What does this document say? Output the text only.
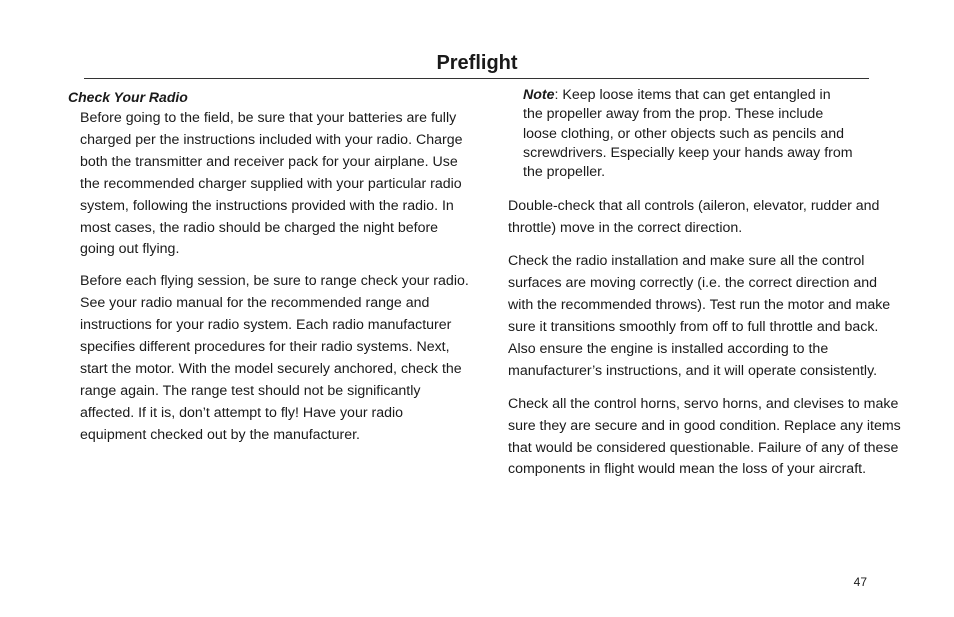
Preflight

Check Your Radio

Before going to the field, be sure that your batteries are fully charged per the instructions included with your radio. Charge both the transmitter and receiver pack for your airplane. Use the recommended charger supplied with your particular radio system, following the instructions provided with the radio. In most cases, the radio should be charged the night before going out flying.

Before each flying session, be sure to range check your radio. See your radio manual for the recommended range and instructions for your radio system. Each radio manufacturer specifies different procedures for their radio systems. Next, start the motor. With the model securely anchored, check the range again. The range test should not be significantly affected. If it is, don’t attempt to fly! Have your radio equipment checked out by the manufacturer.

Note: Keep loose items that can get entangled in the propeller away from the prop. These include loose clothing, or other objects such as pencils and screwdrivers. Especially keep your hands away from the propeller.

Double-check that all controls (aileron, elevator, rudder and throttle) move in the correct direction.

Check the radio installation and make sure all the control surfaces are moving correctly (i.e. the correct direction and with the recommended throws). Test run the motor and make sure it transitions smoothly from off to full throttle and back. Also ensure the engine is installed according to the manufacturer’s instructions, and it will operate consistently.

Check all the control horns, servo horns, and clevises to make sure they are secure and in good condition. Replace any items that would be considered questionable. Failure of any of these components in flight would mean the loss of your aircraft.

47
